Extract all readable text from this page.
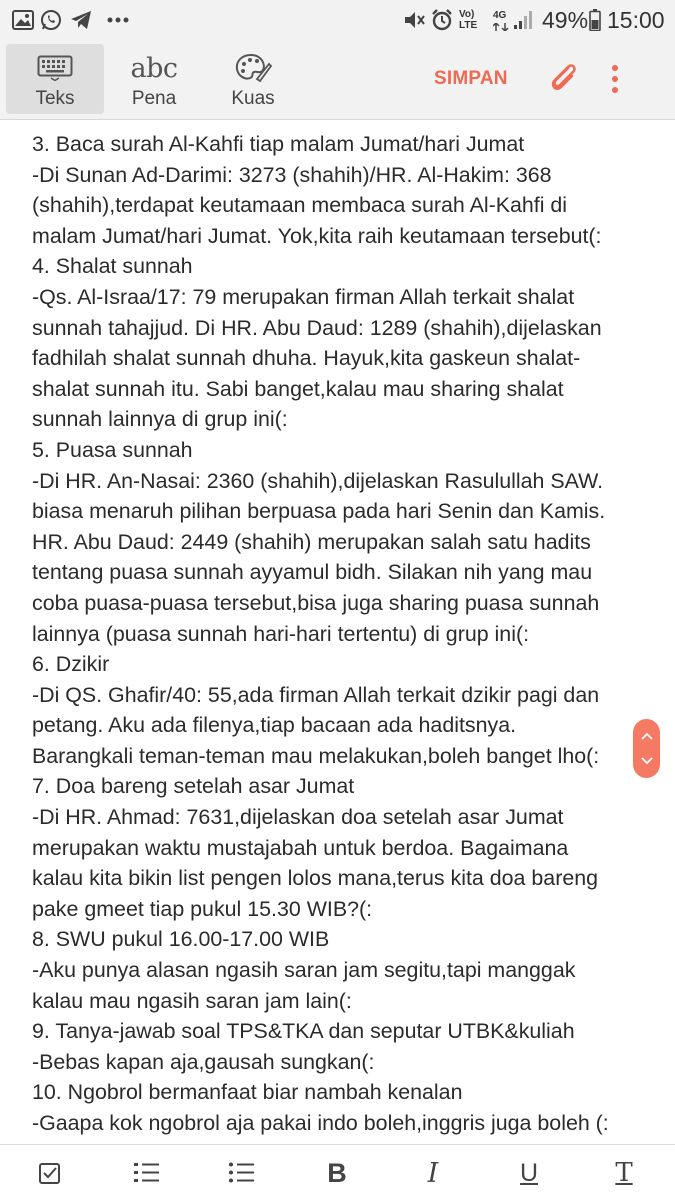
Vo)
LTE
4G 49% 15:00
Teks
abc
Pena	Kuas
SIMPAN
3. Baca surah Al-Kahfi tiap malam Jumat/hari Jumat
-Di Sunan Ad-Darimi: 3273 (shahih)/HR. Al-Hakim: 368
(shahih),terdapat keutamaan membaca surah Al-Kahfi di
malam Jumat/hari Jumat. Yok,kita raih keutamaan tersebut(:
4. Shalat sunnah
-Qs. Al-Israa/17: 79 merupakan firman Allah terkait shalat
sunnah tahajjud. Di HR. Abu Daud: 1289 (shahih),dijelaskan
fadhilah shalat sunnah dhuha. Hayuk,kita gaskeun shalat-
shalat sunnah itu. Sabi banget,kalau mau sharing shalat
sunnah lainnya di grup ini(:
5. Puasa sunnah
-Di HR. An-Nasai: 2360 (shahih),dijelaskan Rasulullah SAW.
biasa menaruh pilihan berpuasa pada hari Senin dan Kamis.
HR. Abu Daud: 2449 (shahih) merupakan salah satu hadits
tentang puasa sunnah ayyamul bidh. Silakan nih yang mau
coba puasa-puasa tersebut,bisa juga sharing puasa sunnah
lainnya (puasa sunnah hari-hari tertentu) di grup ini(:
6. Dzikir
-Di QS. Ghafir/40: 55,ada firman Allah terkait dzikir pagi dan
petang. Aku ada filenya,tiap bacaan ada haditsnya.
Barangkali teman-teman mau melakukan,boleh banget lho(:
7. Doa bareng setelah asar Jumat
-Di HR. Ahmad: 7631,dijelaskan doa setelah asar Jumat
merupakan waktu mustajabah untuk berdoa. Bagaimana
kalau kita bikin list pengen lolos mana,terus kita doa bareng
pake gmeet tiap pukul 15.30 WIB?(:
8. SWU pukul 16.00-17.00 WIB
-Aku punya alasan ngasih saran jam segitu,tapi manggak
kalau mau ngasih saran jam lain(:
9. Tanya-jawab soal TPS&TKA dan seputar UTBK&kuliah
-Bebas kapan aja,gausah sungkan(:
10. Ngobrol bermanfaat biar nambah kenalan
-Gaapa kok ngobrol aja pakai indo boleh,inggris juga boleh (:
B	I	U	T
